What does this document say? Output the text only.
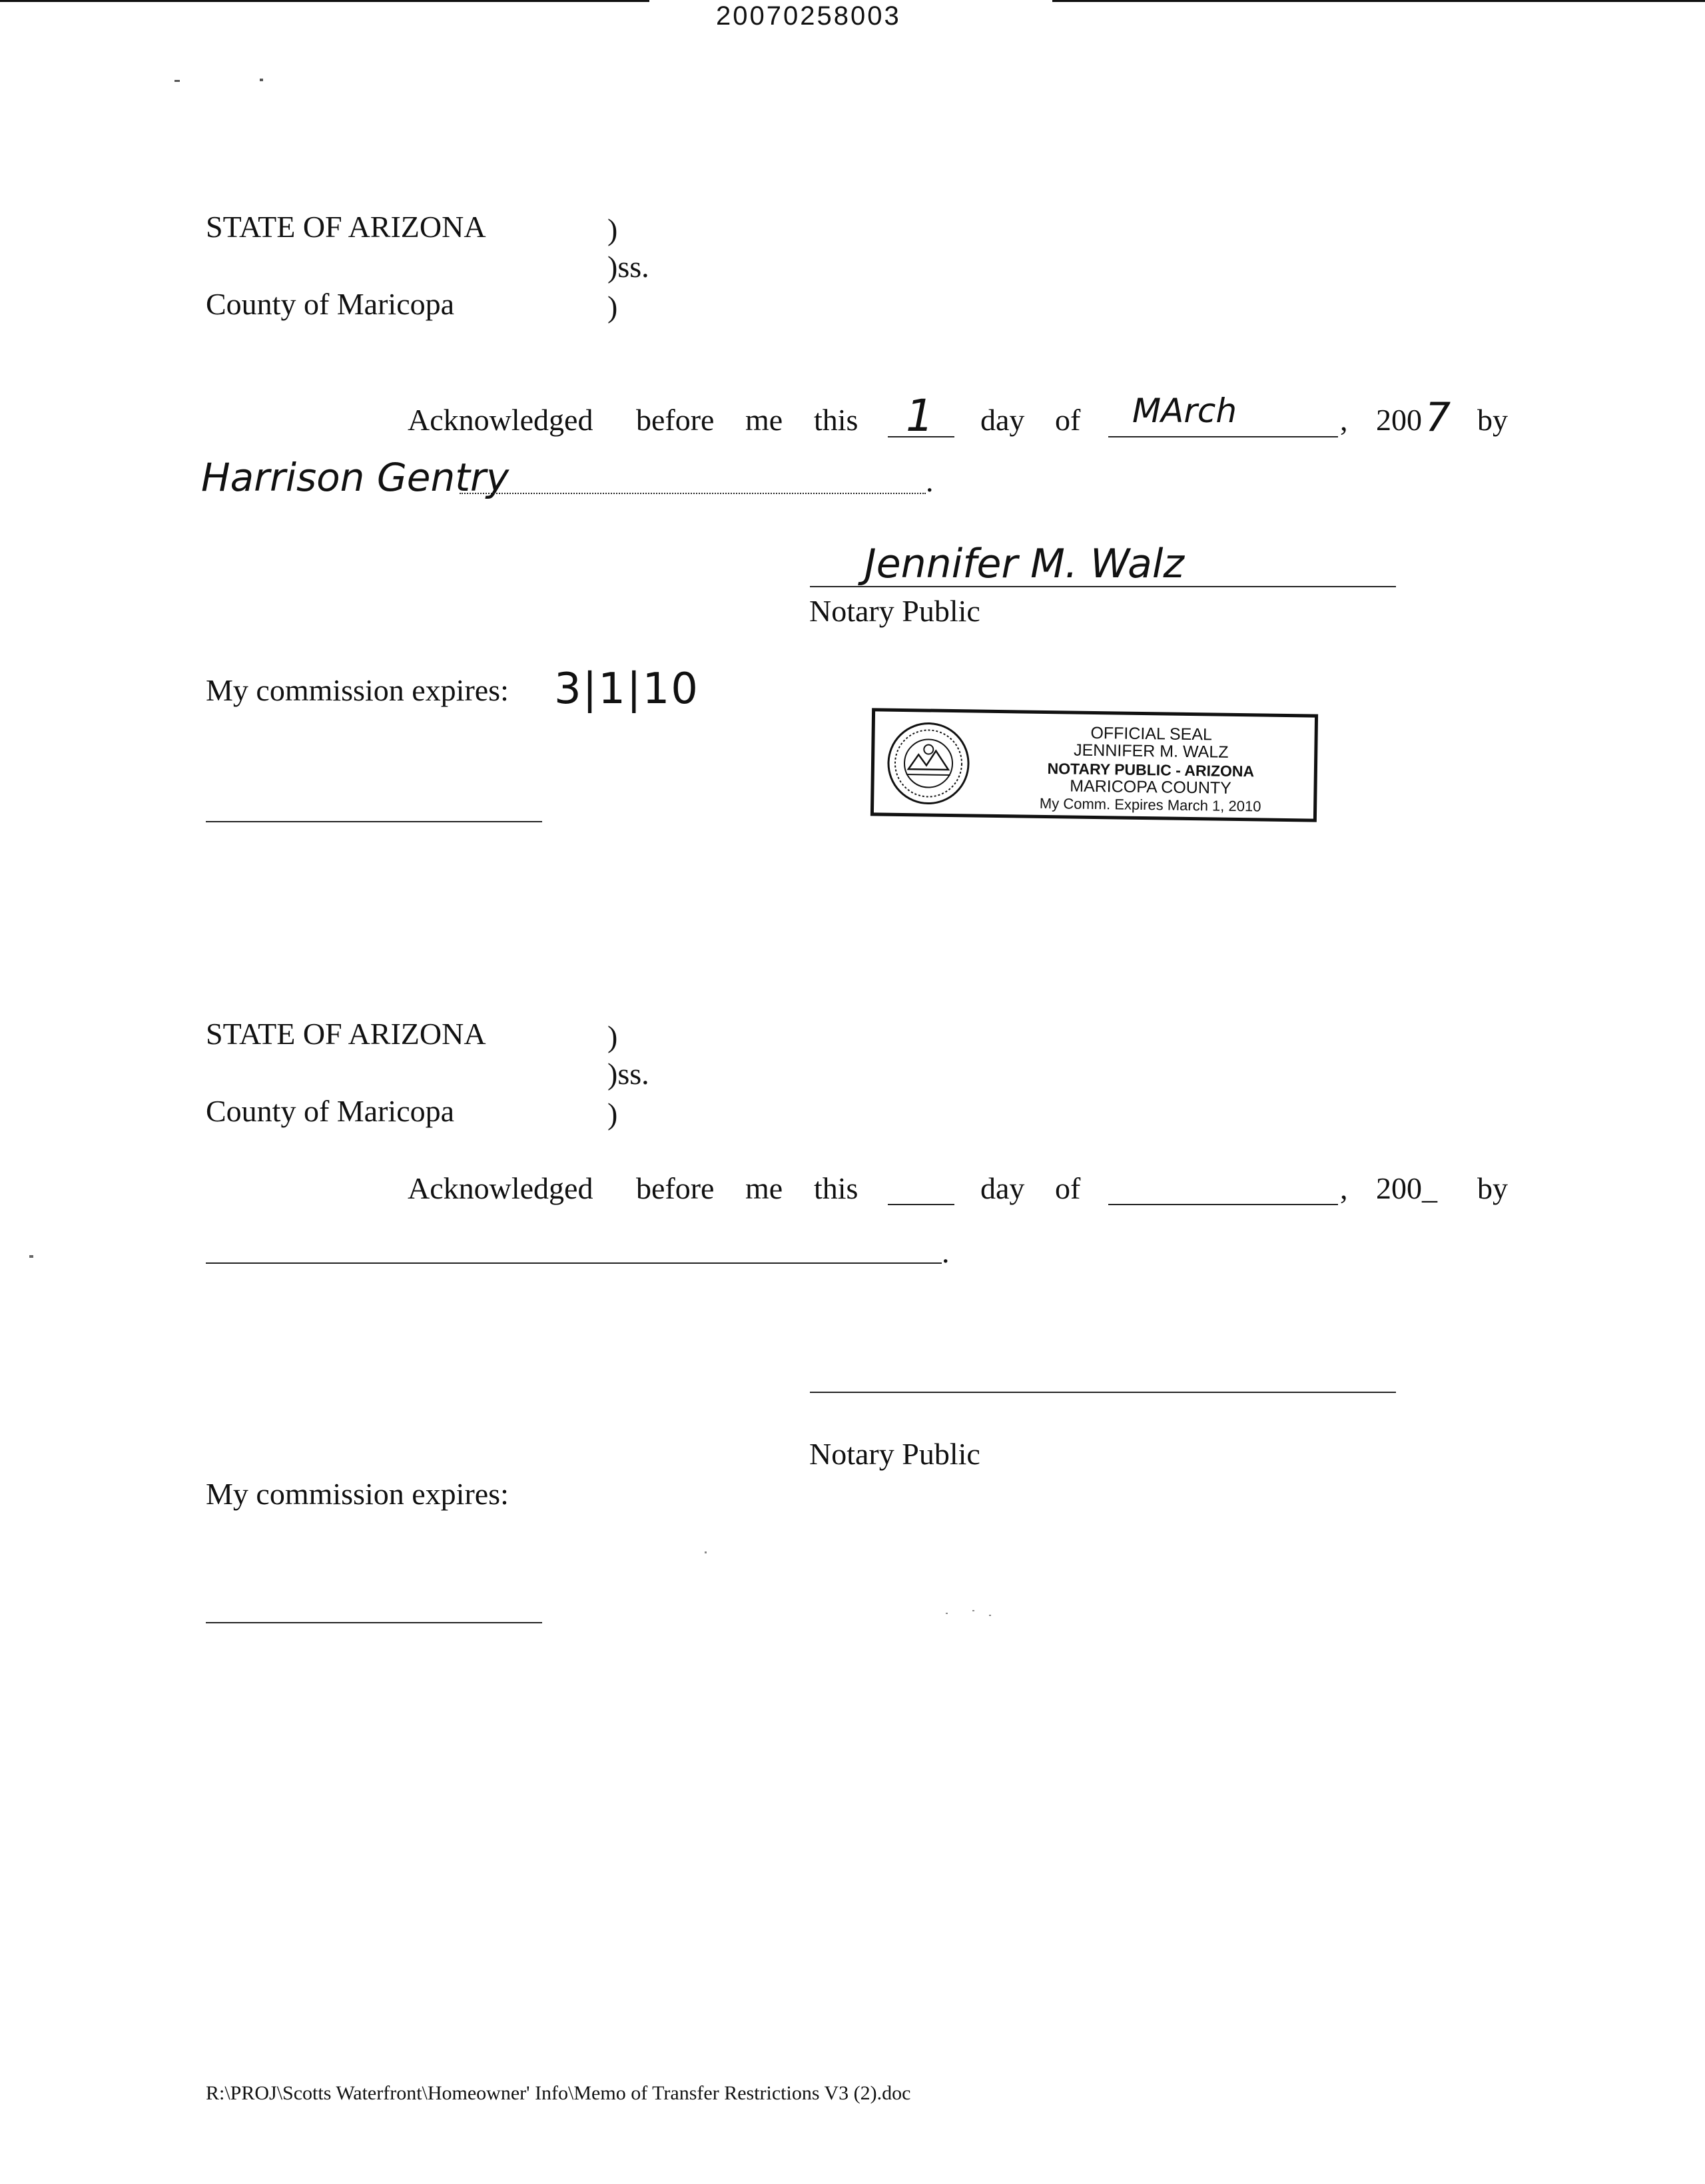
20070258003
STATE OF ARIZONA	)
)ss.
County of Maricopa	)
Acknowledged before me this 1 day of MArch	, 200 7 by
Harrison Gentry	.
Jennifer M. Walz
Notary Public
My commission expires: 3|1|10
OFFICIAL SEAL
JENNIFER M. WALZ
NOTARY PUBLIC - ARIZONA
MARICOPA COUNTY
My Comm. Expires March 1, 2010
STATE OF ARIZONA	)
)ss.
County of Maricopa	)
Acknowledged before me this	day of	, 200_ by
.
Notary Public
My commission expires:
R:\PROJ\Scotts Waterfront\Homeowner' Info\Memo of Transfer Restrictions V3 (2).doc
